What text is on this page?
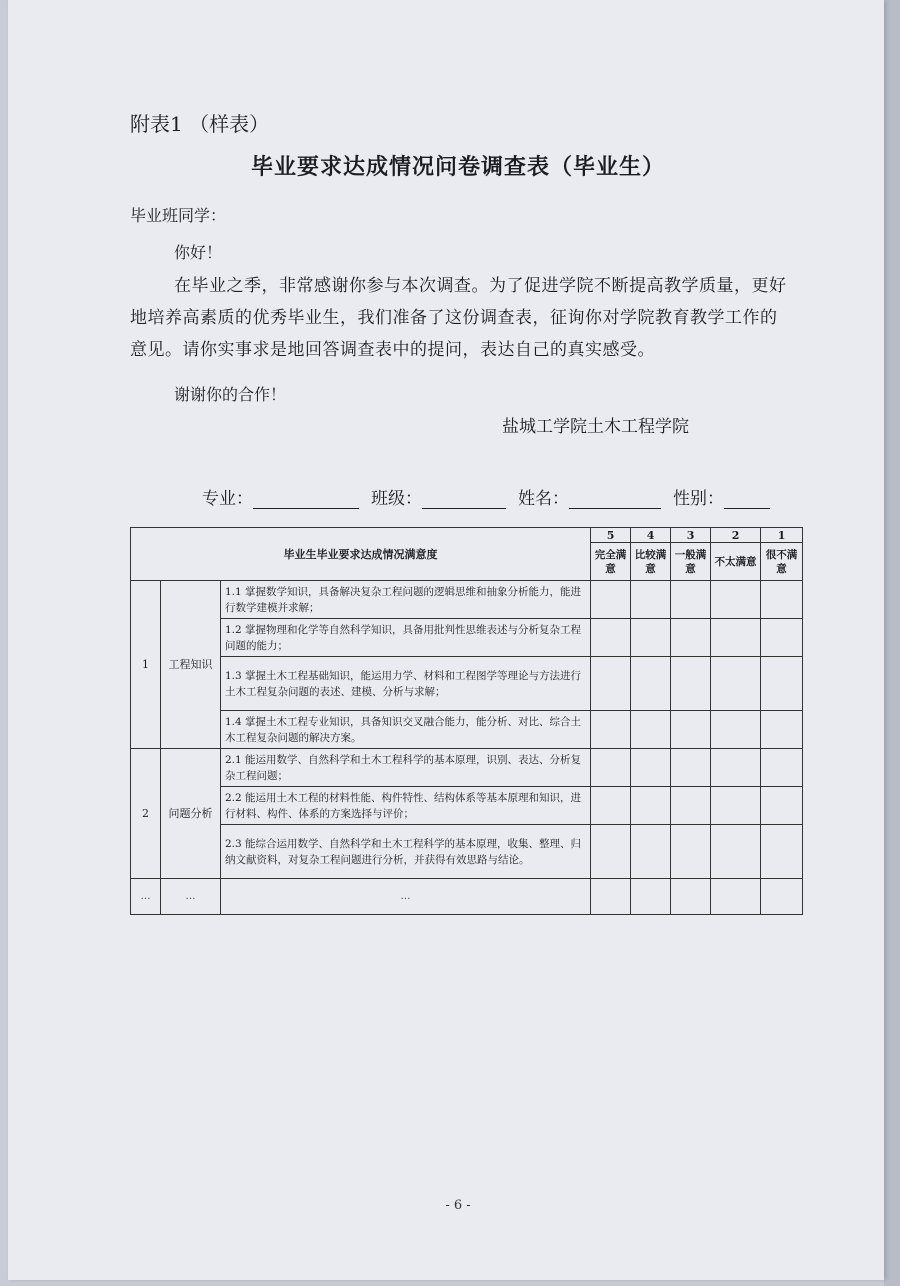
附表1 （样表）
毕业要求达成情况问卷调查表（毕业生）
毕业班同学：
你好！
在毕业之季，非常感谢你参与本次调查。为了促进学院不断提高教学质量，更好地培养高素质的优秀毕业生，我们准备了这份调查表，征询你对学院教育教学工作的意见。请你实事求是地回答调查表中的提问，表达自己的真实感受。
谢谢你的合作！
盐城工学院土木工程学院
专业：	班级：	姓名：	性别：
毕业生毕业要求达成情况满意度			5	4	3	2	1
			完全满意	比较满意	一般满意	不太满意	很不满意
1	工程知识	1.1 掌握数学知识，具备解决复杂工程问题的逻辑思维和抽象分析能力，能进行数学建模并求解；					
		1.2 掌握物理和化学等自然科学知识，具备用批判性思维表述与分析复杂工程问题的能力；					
		1.3 掌握土木工程基础知识，能运用力学、材料和工程图学等理论与方法进行土木工程复杂问题的表述、建模、分析与求解；					
		1.4 掌握土木工程专业知识，具备知识交叉融合能力，能分析、对比、综合土木工程复杂问题的解决方案。					
2	问题分析	2.1 能运用数学、自然科学和土木工程科学的基本原理，识别、表达、分析复杂工程问题；					
		2.2 能运用土木工程的材料性能、构件特性、结构体系等基本原理和知识，进行材料、构件、体系的方案选择与评价；					
		2.3 能综合运用数学、自然科学和土木工程科学的基本原理，收集、整理、归纳文献资料，对复杂工程问题进行分析，并获得有效思路与结论。					
…	…	…					
- 6 -
